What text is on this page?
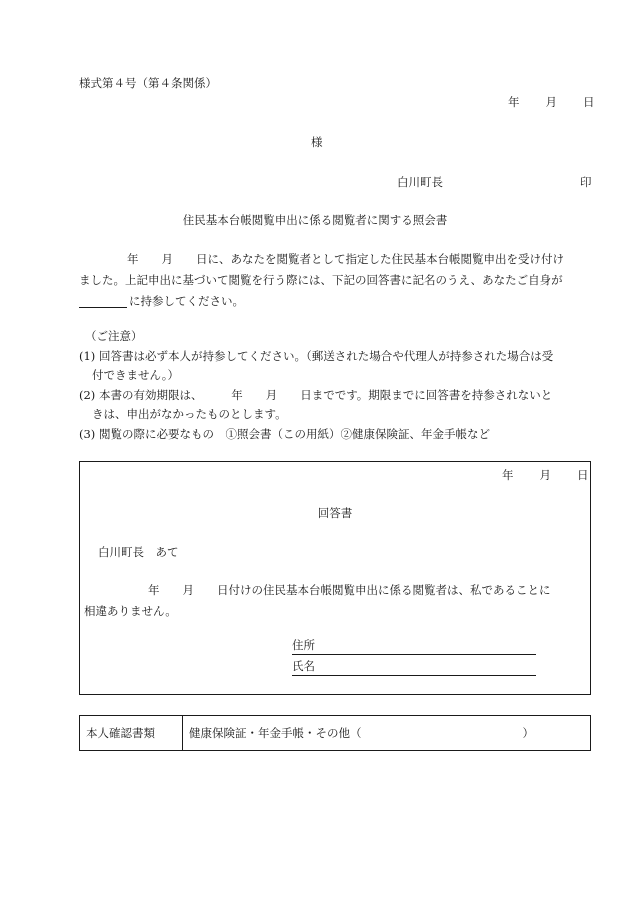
様式第４号（第４条関係）
年 月 日
様
白川町長	印
住民基本台帳閲覧申出に係る閲覧者に関する照会書
年　　月　　日に、あなたを閲覧者として指定した住民基本台帳閲覧申出を受け付け
ました。上記申出に基づいて閲覧を行う際には、下記の回答書に記名のうえ、あなたご自身が
に持参してください。
（ご注意）
(1) 回答書は必ず本人が持参してください。（郵送された場合や代理人が持参された場合は受
付できません。）
(2) 本書の有効期限は、　　　年　　月　　日までです。期限までに回答書を持参されないと
きは、申出がなかったものとします。
(3) 閲覧の際に必要なもの　①照会書（この用紙）②健康保険証、年金手帳など
年 月 日
回答書
白川町長　あて
年　　月　　日付けの住民基本台帳閲覧申出に係る閲覧者は、私であることに
相違ありません。
住所
氏名
本人確認書類	健康保険証・年金手帳・その他（　　　　　　　　　　　　　　）
